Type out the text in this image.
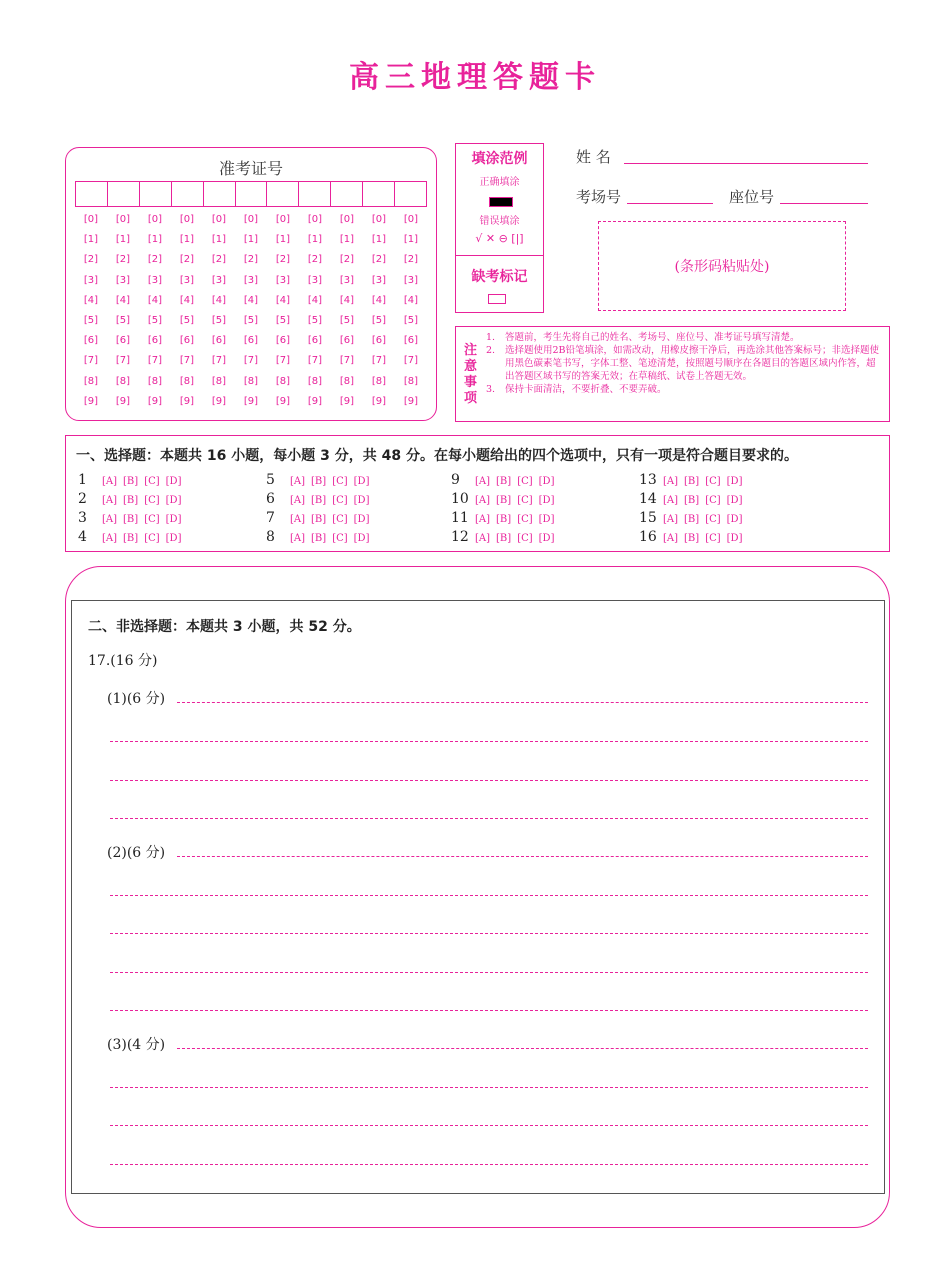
高三地理答题卡
准考证号
[0]	[0]	[0]	[0]	[0]	[0]	[0]	[0]	[0]	[0]	[0]
[1]	[1]	[1]	[1]	[1]	[1]	[1]	[1]	[1]	[1]	[1]
[2]	[2]	[2]	[2]	[2]	[2]	[2]	[2]	[2]	[2]	[2]
[3]	[3]	[3]	[3]	[3]	[3]	[3]	[3]	[3]	[3]	[3]
[4]	[4]	[4]	[4]	[4]	[4]	[4]	[4]	[4]	[4]	[4]
[5]	[5]	[5]	[5]	[5]	[5]	[5]	[5]	[5]	[5]	[5]
[6]	[6]	[6]	[6]	[6]	[6]	[6]	[6]	[6]	[6]	[6]
[7]	[7]	[7]	[7]	[7]	[7]	[7]	[7]	[7]	[7]	[7]
[8]	[8]	[8]	[8]	[8]	[8]	[8]	[8]	[8]	[8]	[8]
[9]	[9]	[9]	[9]	[9]	[9]	[9]	[9]	[9]	[9]	[9]
填涂范例
正确填涂
错误填涂
√ ✕ ⊖ [|]
缺考标记
姓 名
考场号	座位号
(条形码粘贴处)
注意事项
1.	答题前，考生先将自己的姓名、考场号、座位号、准考证号填写清楚。
2.	选择题使用2B铅笔填涂，如需改动，用橡皮擦干净后，再选涂其他答案标号；非选择题使用黑色碳素笔书写，字体工整、笔迹清楚，按照题号顺序在各题目的答题区域内作答，超出答题区域书写的答案无效；在草稿纸、试卷上答题无效。
3.	保持卡面清洁，不要折叠、不要弄破。
一、选择题：本题共 16 小题，每小题 3 分，共 48 分。在每小题给出的四个选项中，只有一项是符合题目要求的。
1 [A] [B] [C] [D]
2 [A] [B] [C] [D]
3 [A] [B] [C] [D]
4 [A] [B] [C] [D]
5 [A] [B] [C] [D]
6 [A] [B] [C] [D]
7 [A] [B] [C] [D]
8 [A] [B] [C] [D]
9 [A] [B] [C] [D]
10 [A] [B] [C] [D]
11 [A] [B] [C] [D]
12 [A] [B] [C] [D]
13 [A] [B] [C] [D]
14 [A] [B] [C] [D]
15 [A] [B] [C] [D]
16 [A] [B] [C] [D]
二、非选择题：本题共 3 小题，共 52 分。
17.(16 分)
(1)(6 分)
(2)(6 分)
(3)(4 分)
